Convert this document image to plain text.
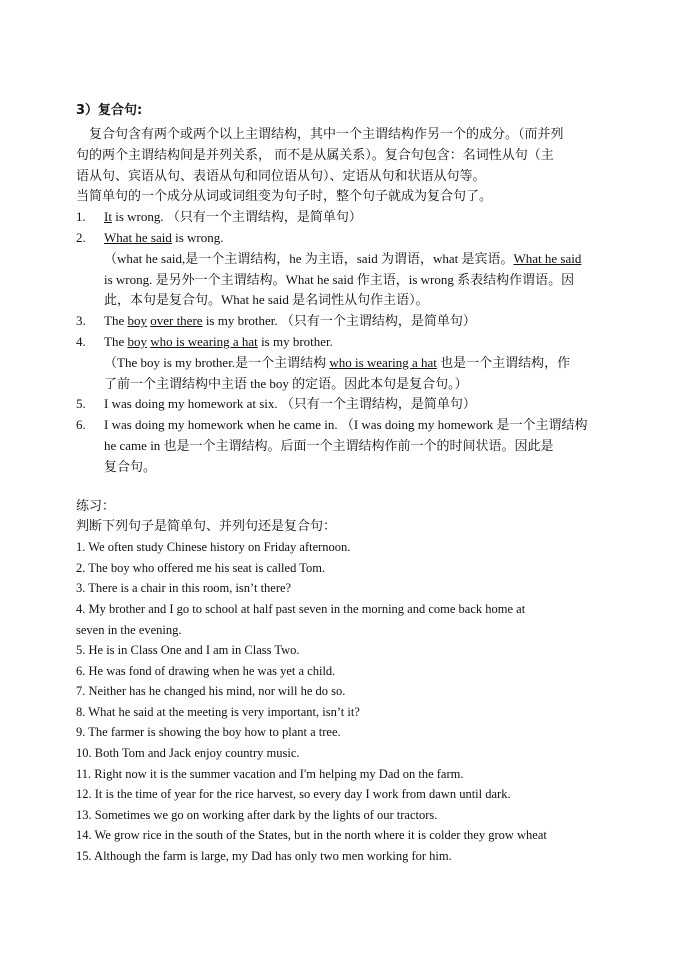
3）复合句:
复合句含有两个或两个以上主谓结构，其中一个主谓结构作另一个的成分。（而并列
句的两个主谓结构间是并列关系， 而不是从属关系）。复合句包含：名词性从句（主
语从句、宾语从句、表语从句和同位语从句）、定语从句和状语从句等。
当简单句的一个成分从词或词组变为句子时，整个句子就成为复合句了。
1. It is wrong. （只有一个主谓结构，是简单句）
2. What he said is wrong.
（what he said,是一个主谓结构，he 为主语，said 为谓语，what 是宾语。What he said
is wrong. 是另外一个主谓结构。What he said 作主语，is wrong 系表结构作谓语。因
此，本句是复合句。What he said 是名词性从句作主语）。
3. The boy over there is my brother. （只有一个主谓结构，是简单句）
4. The boy who is wearing a hat is my brother.
（The boy is my brother.是一个主谓结构 who is wearing a hat 也是一个主谓结构，作
了前一个主谓结构中主语 the boy 的定语。因此本句是复合句。）
5. I was doing my homework at six. （只有一个主谓结构，是简单句）
6. I was doing my homework when he came in. （I was doing my homework 是一个主谓结构
he came in 也是一个主谓结构。后面一个主谓结构作前一个的时间状语。因此是
复合句。
练习：
判断下列句子是简单句、并列句还是复合句：
1. We often study Chinese history on Friday afternoon.
2. The boy who offered me his seat is called Tom.
3. There is a chair in this room, isn’t there?
4. My brother and I go to school at half past seven in the morning and come back home at
seven in the evening.
5. He is in Class One and I am in Class Two.
6. He was fond of drawing when he was yet a child.
7. Neither has he changed his mind, nor will he do so.
8. What he said at the meeting is very important, isn’t it?
9. The farmer is showing the boy how to plant a tree.
10. Both Tom and Jack enjoy country music.
11. Right now it is the summer vacation and I'm helping my Dad on the farm.
12. It is the time of year for the rice harvest, so every day I work from dawn until dark.
13. Sometimes we go on working after dark by the lights of our tractors.
14. We grow rice in the south of the States, but in the north where it is colder they grow wheat
15. Although the farm is large, my Dad has only two men working for him.
